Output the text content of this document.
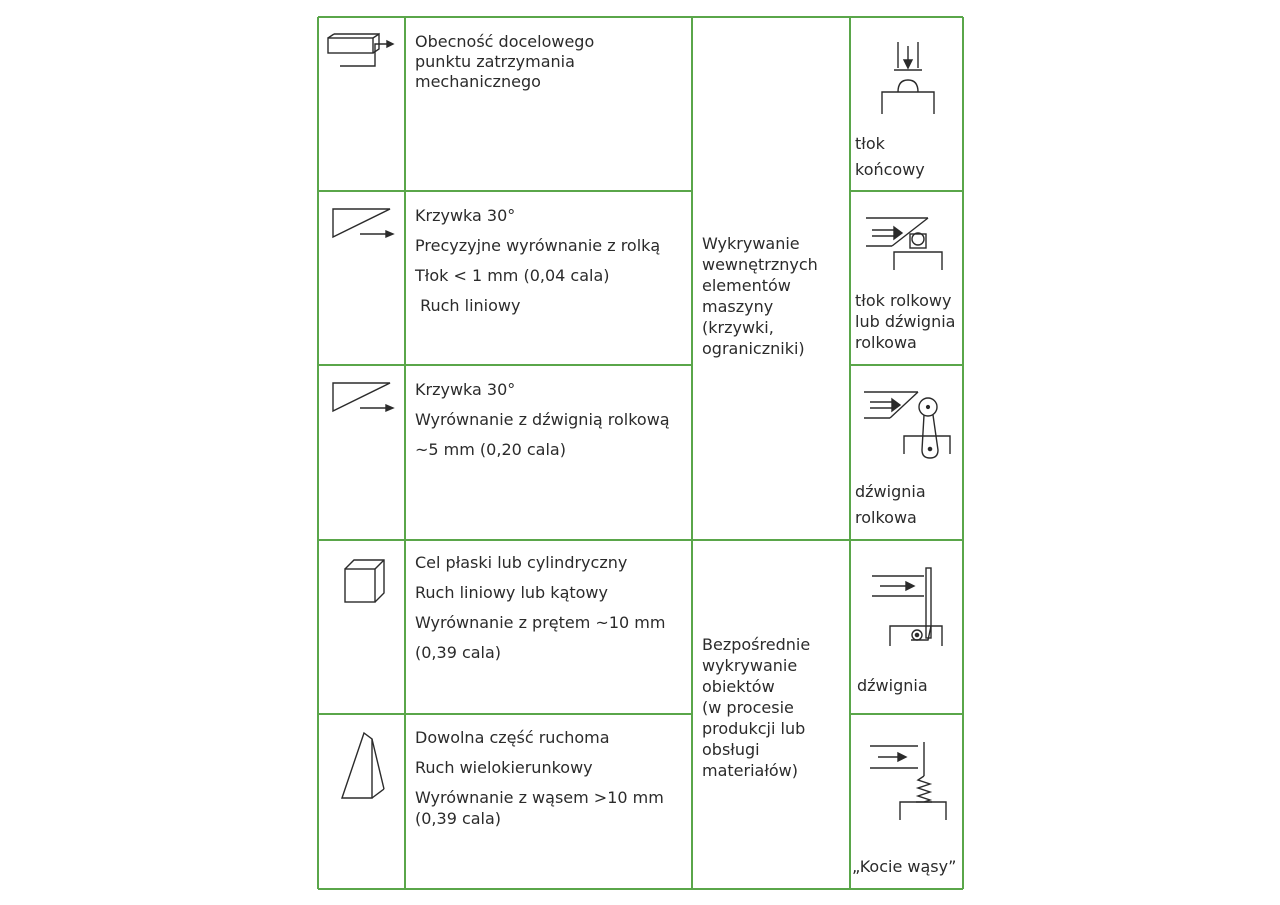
Obecność docelowego
punktu zatrzymania
mechanicznego
tłok
końcowy
Krzywka 30°
Precyzyjne wyrównanie z rolką
Tłok < 1 mm (0,04 cala)
Ruch liniowy	tłok rolkowy
lub dźwignia
rolkowa
Krzywka 30°
Wyrównanie z dźwignią rolkową
~5 mm (0,20 cala)
dźwignia
rolkowa
Cel płaski lub cylindryczny
Ruch liniowy lub kątowy
Wyrównanie z prętem ~10 mm
(0,39 cala)
dźwignia
Dowolna część ruchoma
Ruch wielokierunkowy
Wyrównanie z wąsem >10 mm
(0,39 cala)
„Kocie wąsy”
Wykrywanie
wewnętrznych
elementów
maszyny
(krzywki,
ograniczniki)
Bezpośrednie
wykrywanie
obiektów
(w procesie
produkcji lub
obsługi
materiałów)
